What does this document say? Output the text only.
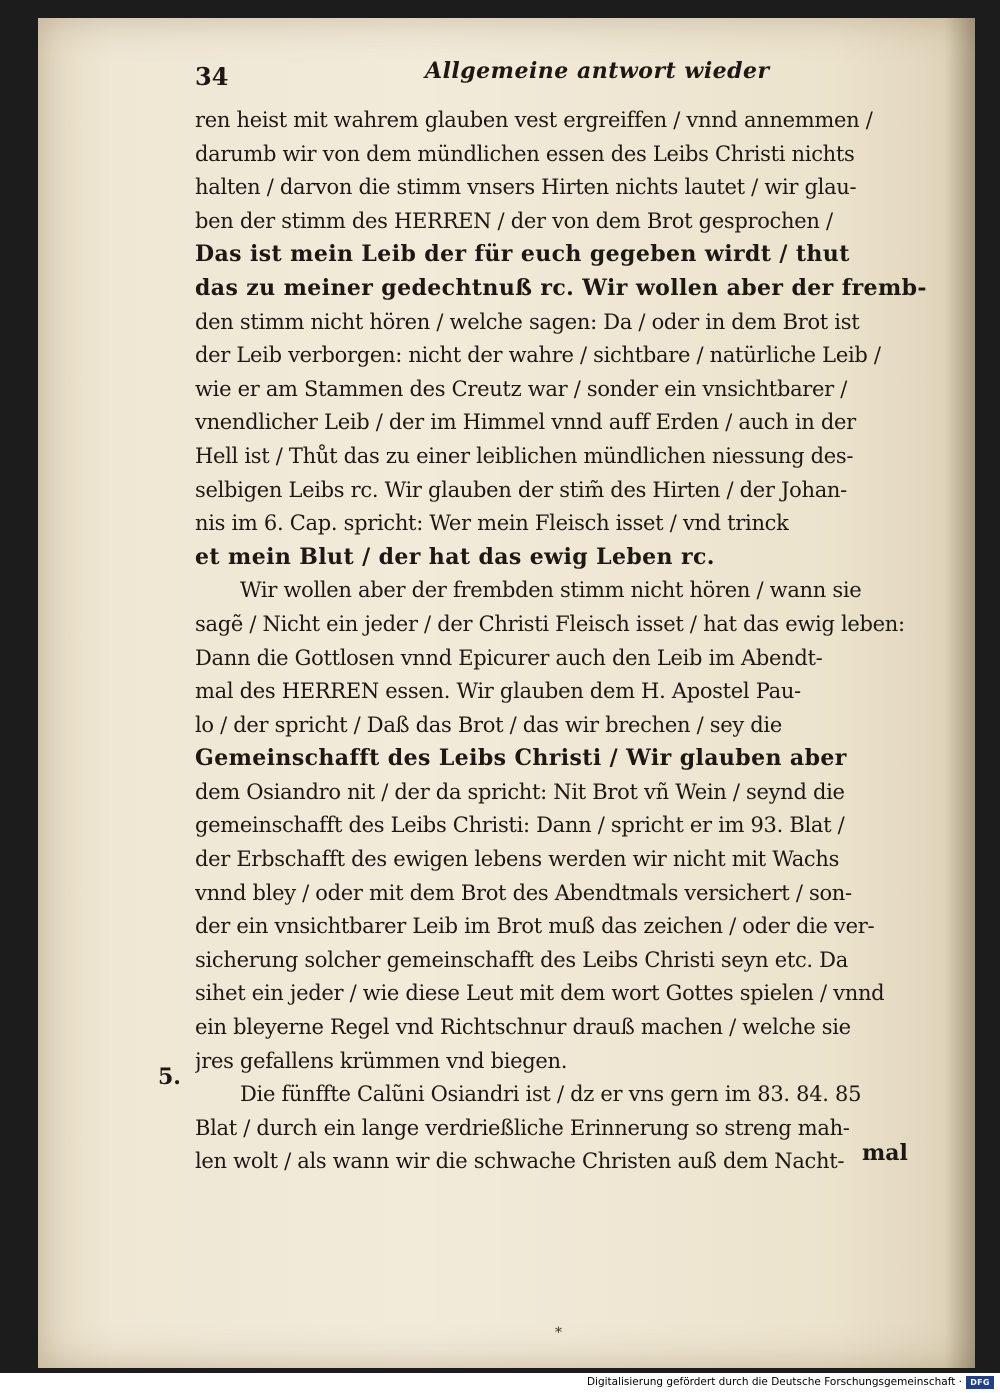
34	Allgemeine antwort wieder
ren heist mit wahrem glauben vest ergreiffen / vnnd annemmen /
darumb wir von dem mündlichen essen des Leibs Christi nichts
halten / darvon die stimm vnsers Hirten nichts lautet / wir glau-
ben der stimm des HERREN / der von dem Brot gesprochen /
Das ist mein Leib der für euch gegeben wirdt / thut
das zu meiner gedechtnuß rc. Wir wollen aber der fremb-
den stimm nicht hören / welche sagen: Da / oder in dem Brot ist
der Leib verborgen: nicht der wahre / sichtbare / natürliche Leib /
wie er am Stammen des Creutz war / sonder ein vnsichtbarer /
vnendlicher Leib / der im Himmel vnnd auff Erden / auch in der
Hell ist / Thůt das zu einer leiblichen mündlichen niessung des-
selbigen Leibs rc. Wir glauben der stim̃ des Hirten / der Johan-
nis im 6. Cap. spricht: Wer mein Fleisch isset / vnd trinck
et mein Blut / der hat das ewig Leben rc.
Wir wollen aber der frembden stimm nicht hören / wann sie
sagẽ / Nicht ein jeder / der Christi Fleisch isset / hat das ewig leben:
Dann die Gottlosen vnnd Epicurer auch den Leib im Abendt-
mal des HERREN essen. Wir glauben dem H. Apostel Pau-
lo / der spricht / Daß das Brot / das wir brechen / sey die
Gemeinschafft des Leibs Christi / Wir glauben aber
dem Osiandro nit / der da spricht: Nit Brot vñ Wein / seynd die
gemeinschafft des Leibs Christi: Dann / spricht er im 93. Blat /
der Erbschafft des ewigen lebens werden wir nicht mit Wachs
vnnd bley / oder mit dem Brot des Abendtmals versichert / son-
der ein vnsichtbarer Leib im Brot muß das zeichen / oder die ver-
sicherung solcher gemeinschafft des Leibs Christi seyn etc. Da
sihet ein jeder / wie diese Leut mit dem wort Gottes spielen / vnnd
ein bleyerne Regel vnd Richtschnur drauß machen / welche sie
jres gefallens krümmen vnd biegen.
Die fünffte Calũni Osiandri ist / dz er vns gern im 83. 84. 85
Blat / durch ein lange verdrießliche Erinnerung so streng mah-
len wolt / als wann wir die schwache Christen auß dem Nacht-
5.
mal
*
Digitalisierung gefördert durch die Deutsche Forschungsgemeinschaft ·	DFG
